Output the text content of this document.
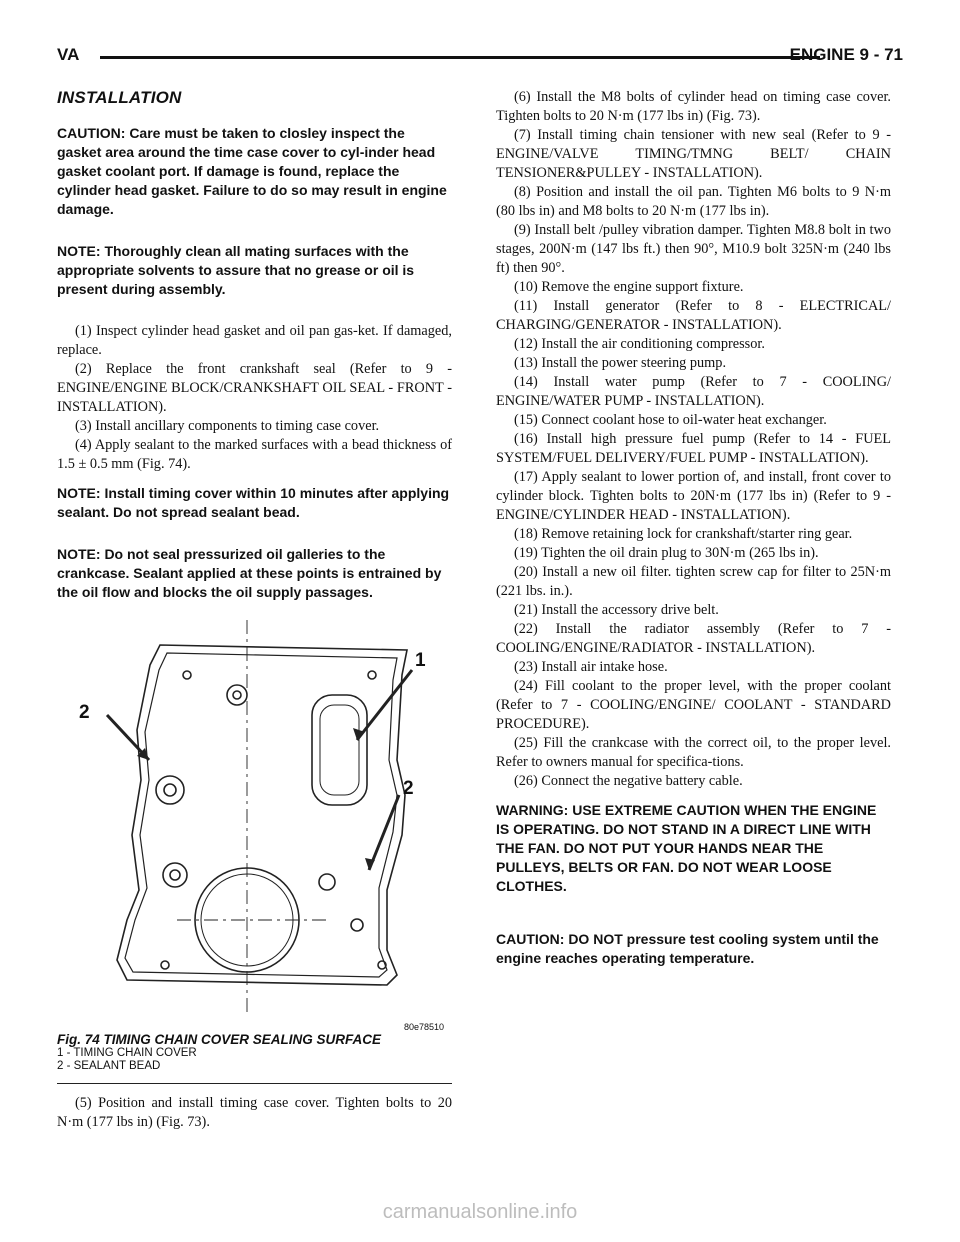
VA	ENGINE 9 - 71
INSTALLATION

CAUTION: Care must be taken to closley inspect the gasket area around the time case cover to cyl-inder head gasket coolant port. If damage is found, replace the cylinder head gasket. Failure to do so may result in engine damage.

NOTE: Thoroughly clean all mating surfaces with the appropriate solvents to assure that no grease or oil is present during assembly.

(1) Inspect cylinder head gasket and oil pan gas-ket. If damaged, replace.

(2) Replace the front crankshaft seal (Refer to 9 - ENGINE/ENGINE BLOCK/CRANKSHAFT OIL SEAL - FRONT - INSTALLATION).

(3) Install ancillary components to timing case cover.

(4) Apply sealant to the marked surfaces with a bead thickness of 1.5 ± 0.5 mm (Fig. 74).

NOTE: Install timing cover within 10 minutes after applying sealant. Do not spread sealant bead.

NOTE: Do not seal pressurized oil galleries to the crankcase. Sealant applied at these points is entrained by the oil flow and blocks the oil supply passages.

1
2
2
80e78510
Fig. 74 TIMING CHAIN COVER SEALING SURFACE
1 - TIMING CHAIN COVER
2 - SEALANT BEAD

(5) Position and install timing case cover. Tighten bolts to 20 N·m (177 lbs in) (Fig. 73).

(6) Install the M8 bolts of cylinder head on timing case cover. Tighten bolts to 20 N·m (177 lbs in) (Fig. 73).

(7) Install timing chain tensioner with new seal (Refer to 9 - ENGINE/VALVE TIMING/TMNG BELT/ CHAIN TENSIONER&PULLEY - INSTALLATION).

(8) Position and install the oil pan. Tighten M6 bolts to 9 N·m (80 lbs in) and M8 bolts to 20 N·m (177 lbs in).

(9) Install belt /pulley vibration damper. Tighten M8.8 bolt in two stages, 200N·m (147 lbs ft.) then 90°, M10.9 bolt 325N·m (240 lbs ft) then 90°.

(10) Remove the engine support fixture.

(11) Install generator (Refer to 8 - ELECTRICAL/ CHARGING/GENERATOR - INSTALLATION).

(12) Install the air conditioning compressor.

(13) Install the power steering pump.

(14) Install water pump (Refer to 7 - COOLING/ ENGINE/WATER PUMP - INSTALLATION).

(15) Connect coolant hose to oil-water heat exchanger.

(16) Install high pressure fuel pump (Refer to 14 - FUEL SYSTEM/FUEL DELIVERY/FUEL PUMP - INSTALLATION).

(17) Apply sealant to lower portion of, and install, front cover to cylinder block. Tighten bolts to 20N·m (177 lbs in) (Refer to 9 - ENGINE/CYLINDER HEAD - INSTALLATION).

(18) Remove retaining lock for crankshaft/starter ring gear.

(19) Tighten the oil drain plug to 30N·m (265 lbs in).

(20) Install a new oil filter. tighten screw cap for filter to 25N·m (221 lbs. in.).

(21) Install the accessory drive belt.

(22) Install the radiator assembly (Refer to 7 - COOLING/ENGINE/RADIATOR - INSTALLATION).

(23) Install air intake hose.

(24) Fill coolant to the proper level, with the proper coolant (Refer to 7 - COOLING/ENGINE/ COOLANT - STANDARD PROCEDURE).

(25) Fill the crankcase with the correct oil, to the proper level. Refer to owners manual for specifica-tions.

(26) Connect the negative battery cable.

WARNING: USE EXTREME CAUTION WHEN THE ENGINE IS OPERATING. DO NOT STAND IN A DIRECT LINE WITH THE FAN. DO NOT PUT YOUR HANDS NEAR THE PULLEYS, BELTS OR FAN. DO NOT WEAR LOOSE CLOTHES.

CAUTION: DO NOT pressure test cooling system until the engine reaches operating temperature.

carmanualsonline.info
